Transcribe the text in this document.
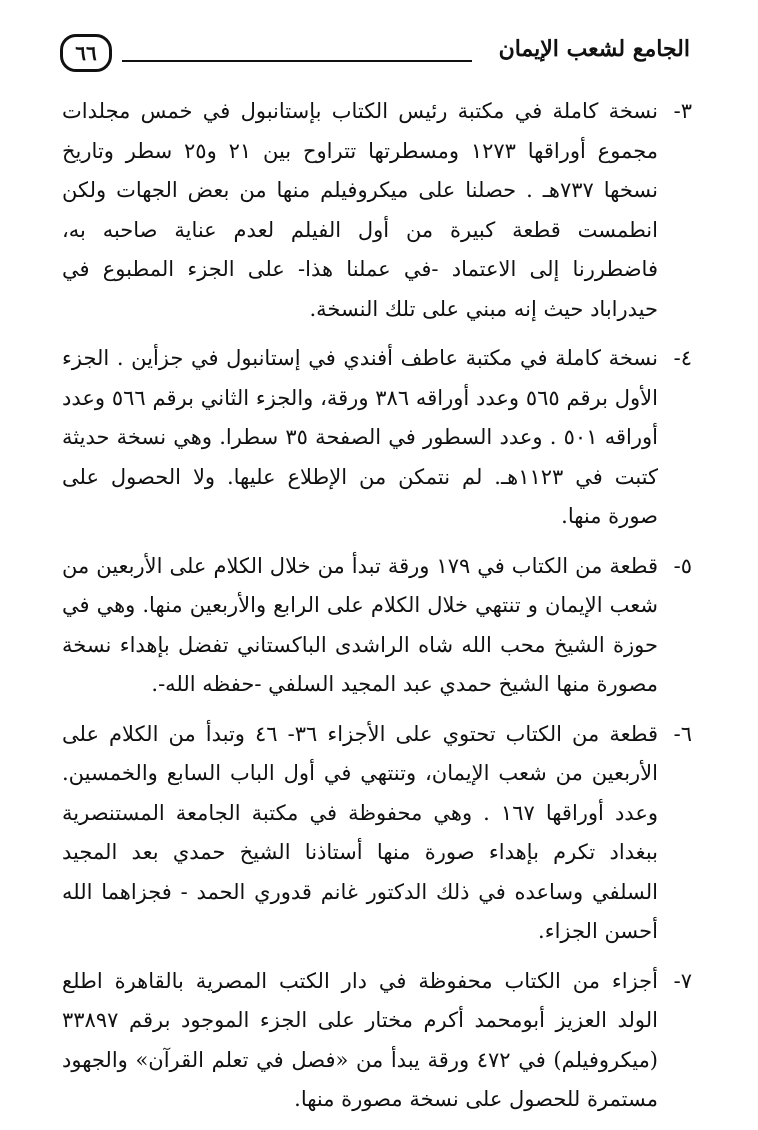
الجامع لشعب الإيمان
٦٦
٣-
نسخة كاملة في مكتبة رئيس الكتاب بإستانبول في خمس مجلدات مجموع أوراقها ١٢٧٣ ومسطرتها تتراوح بين ٢١ و٢٥ سطر وتاريخ نسخها ٧٣٧هـ . حصلنا على ميكروفيلم منها من بعض الجهات ولكن انطمست قطعة كبيرة من أول الفيلم لعدم عناية صاحبه به، فاضطررنا إلى الاعتماد -في عملنا هذا- على الجزء المطبوع في حيدراباد حيث إنه مبني على تلك النسخة.
٤-
نسخة كاملة في مكتبة عاطف أفندي في إستانبول في جزأين . الجزء الأول برقم ٥٦٥ وعدد أوراقه ٣٨٦ ورقة، والجزء الثاني برقم ٥٦٦ وعدد أوراقه ٥٠١ . وعدد السطور في الصفحة ٣٥ سطرا. وهي نسخة حديثة كتبت في ١١٢٣هـ. لم نتمكن من الإطلاع عليها. ولا الحصول على صورة منها.
٥-
قطعة من الكتاب في ١٧٩ ورقة تبدأ من خلال الكلام على الأربعين من شعب الإيمان و تنتهي خلال الكلام على الرابع والأربعين منها. وهي في حوزة الشيخ محب الله شاه الراشدى الباكستاني تفضل بإهداء نسخة مصورة منها الشيخ حمدي عبد المجيد السلفي -حفظه الله-.
٦-
قطعة من الكتاب تحتوي على الأجزاء ٣٦- ٤٦ وتبدأ من الكلام على الأربعين من شعب الإيمان، وتنتهي في أول الباب السابع والخمسين. وعدد أوراقها ١٦٧ . وهي محفوظة في مكتبة الجامعة المستنصرية ببغداد تكرم بإهداء صورة منها أستاذنا الشيخ حمدي بعد المجيد السلفي وساعده في ذلك الدكتور غانم قدوري الحمد - فجزاهما الله أحسن الجزاء.
٧-
أجزاء من الكتاب محفوظة في دار الكتب المصرية بالقاهرة اطلع الولد العزيز أبومحمد أكرم مختار على الجزء الموجود برقم ٣٣٨٩٧ (ميكروفيلم) في ٤٧٢ ورقة يبدأ من «فصل في تعلم القرآن» والجهود مستمرة للحصول على نسخة مصورة منها.
